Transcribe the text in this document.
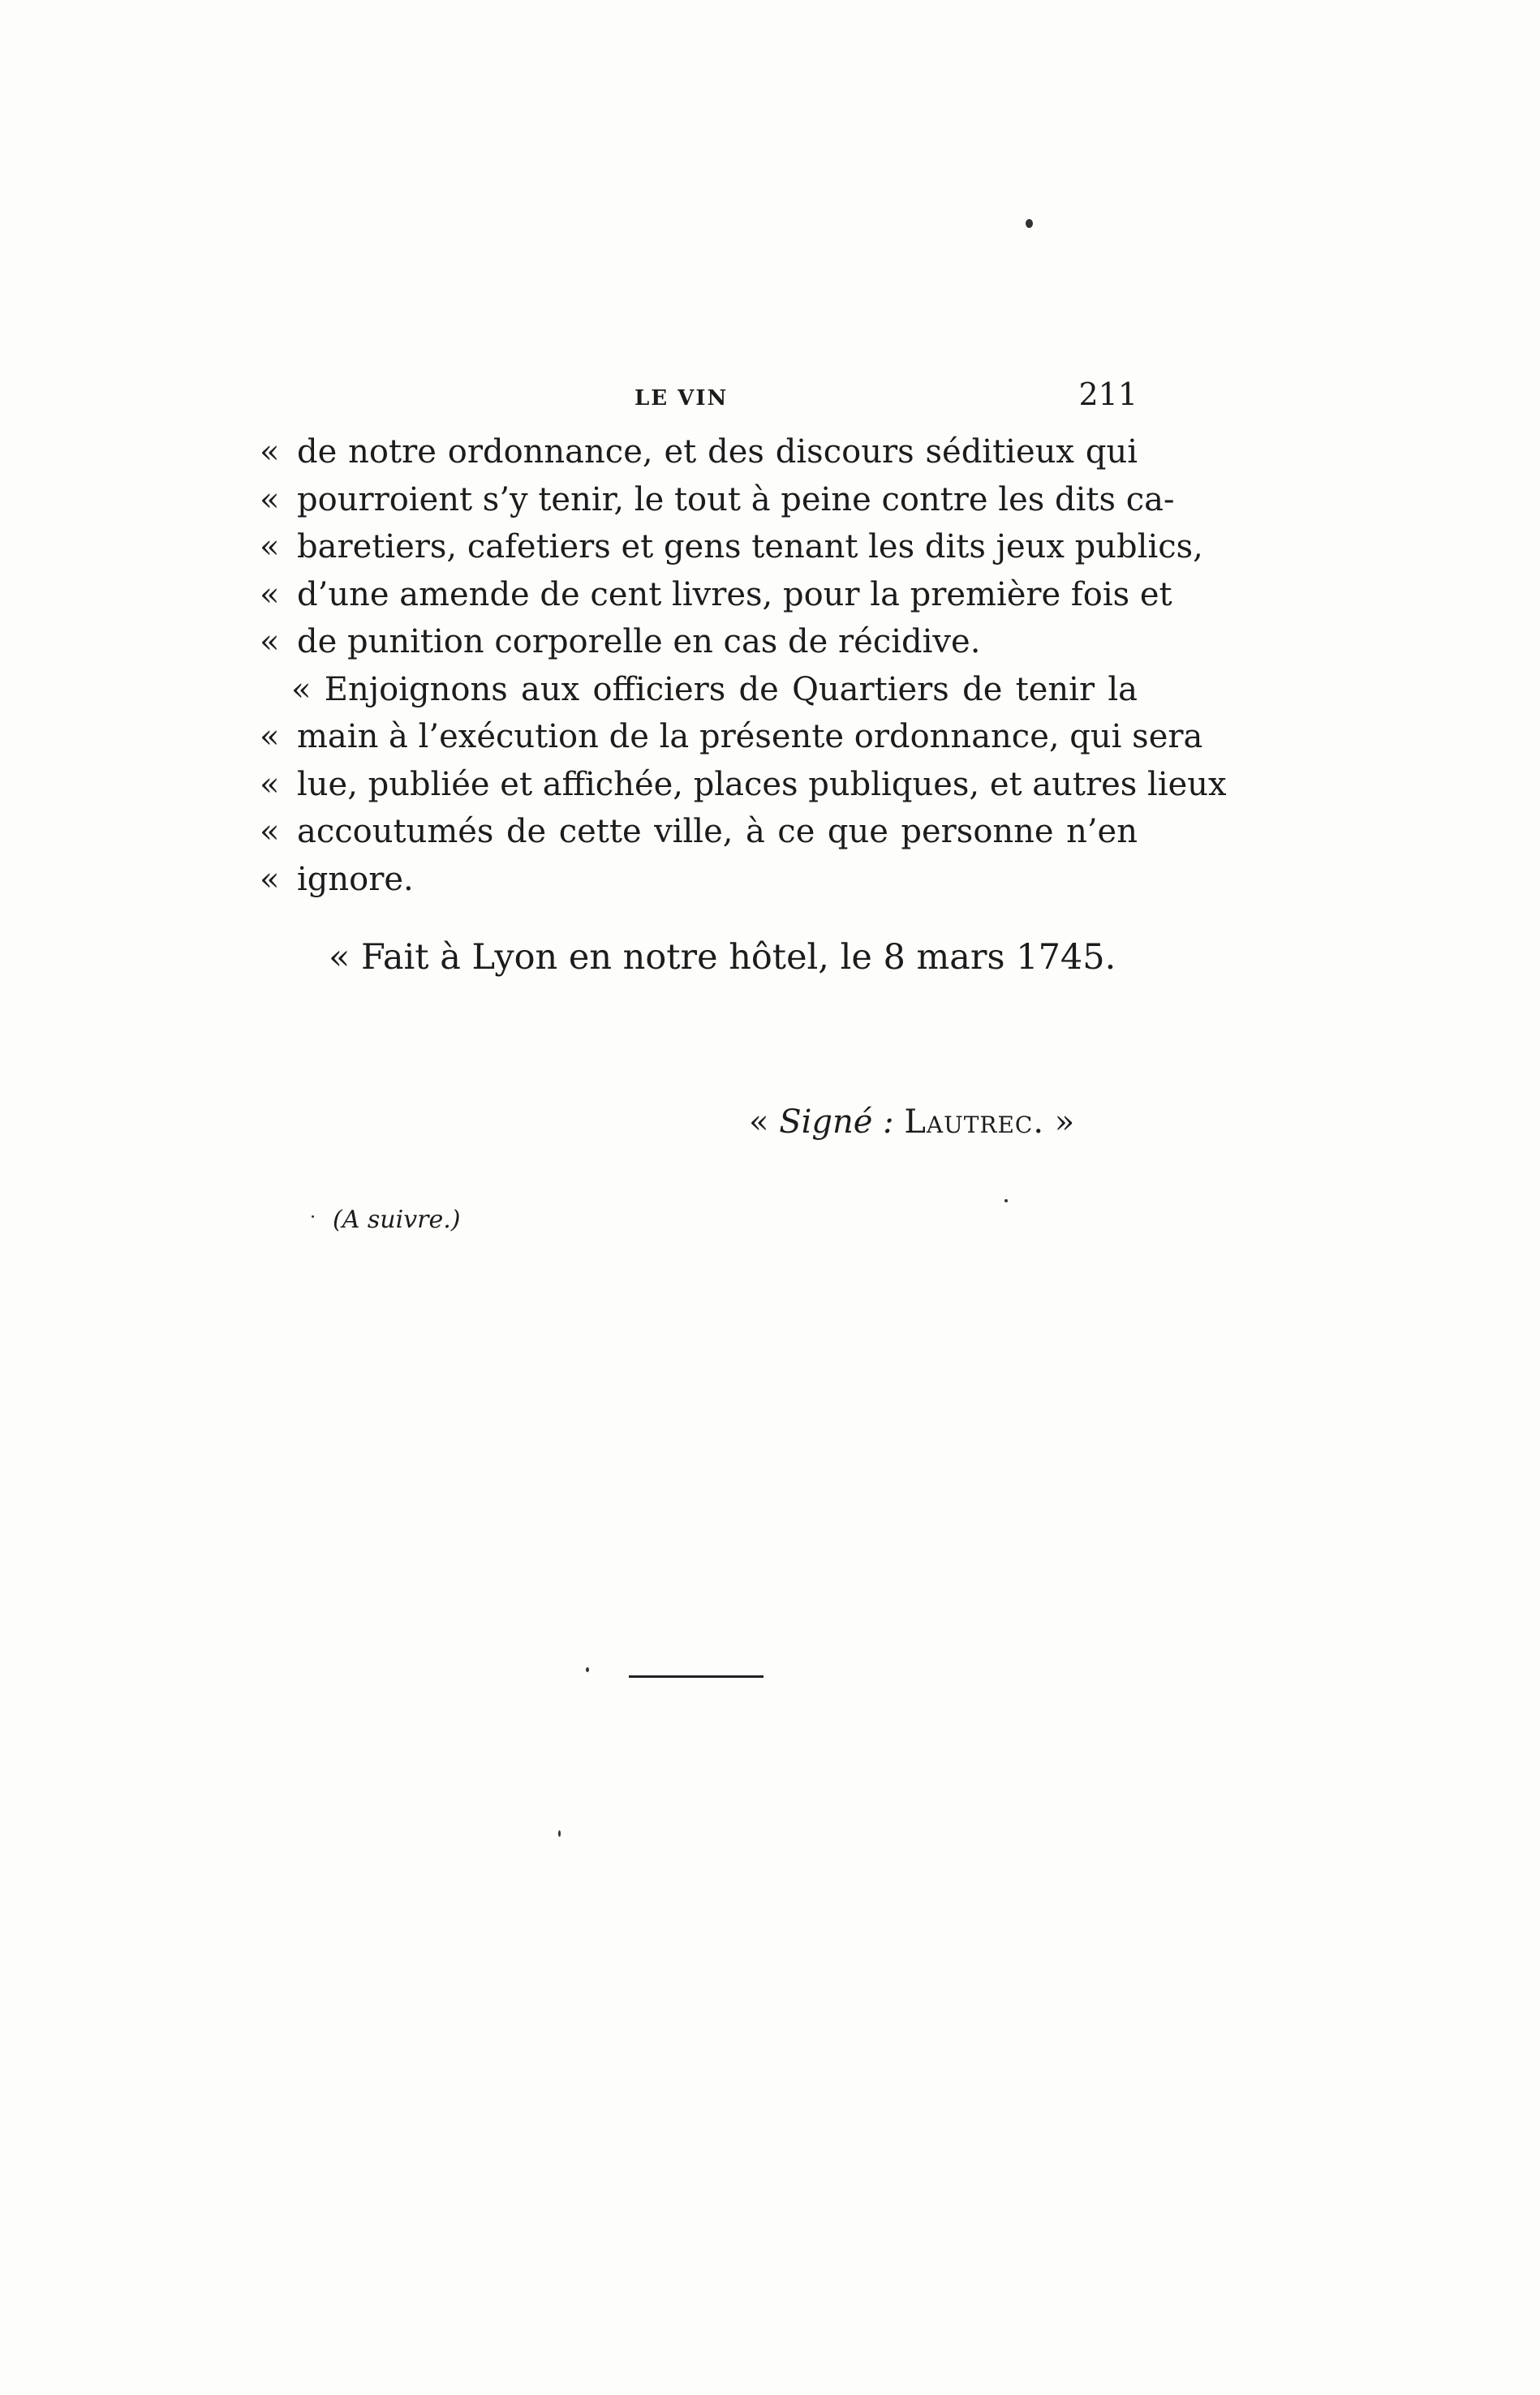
LE VIN	211
« de notre ordonnance, et des discours séditieux qui
« pourroient s’y tenir, le tout à peine contre les dits ca-
« baretiers, cafetiers et gens tenant les dits jeux publics,
« d’une amende de cent livres, pour la première fois et
« de punition corporelle en cas de récidive.
« Enjoignons aux officiers de Quartiers de tenir la
« main à l’exécution de la présente ordonnance, qui sera
« lue, publiée et affichée, places publiques, et autres lieux
« accoutumés de cette ville, à ce que personne n’en
« ignore.
« Fait à Lyon en notre hôtel, le 8 mars 1745.
« Signé : Lautrec. »
(A suivre.)
